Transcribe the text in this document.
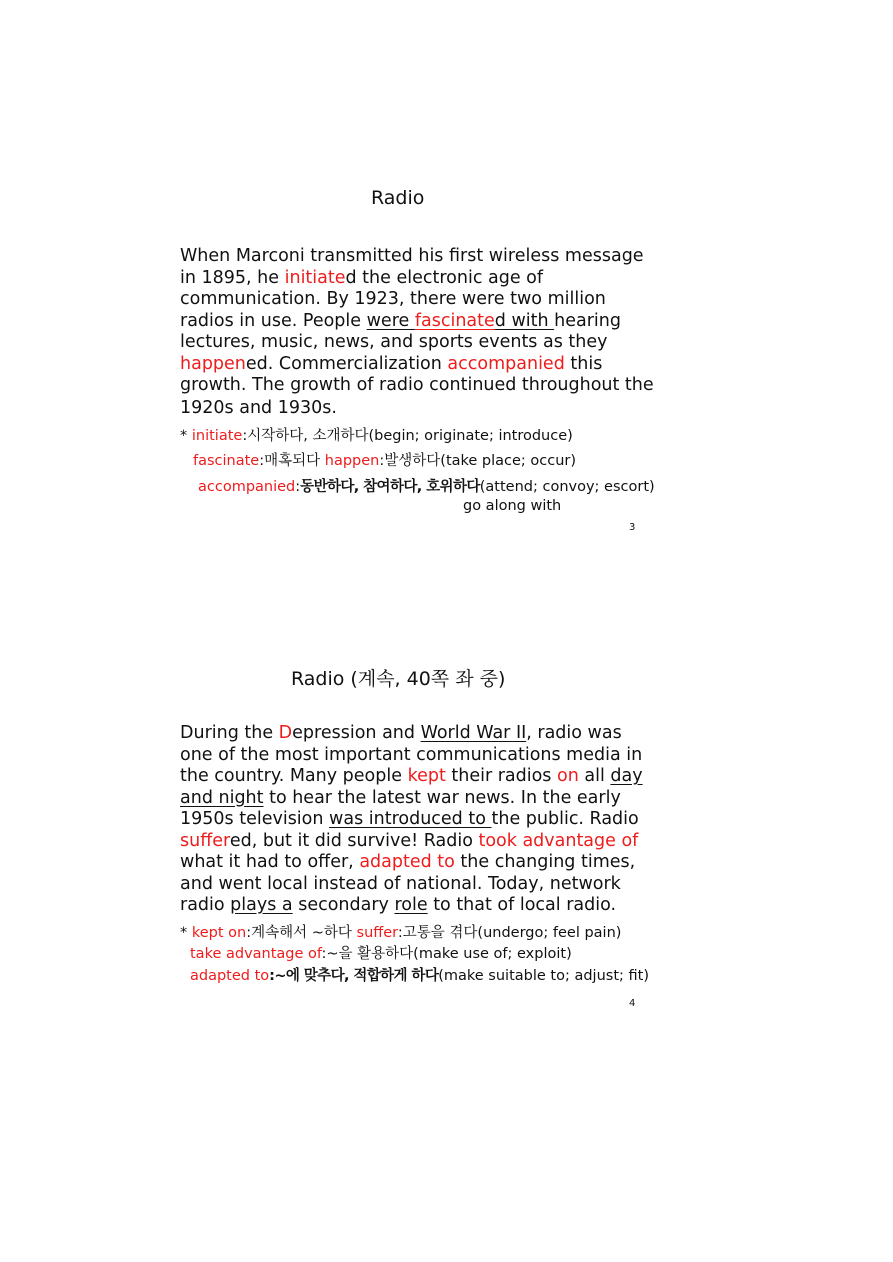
Radio
When Marconi transmitted his first wireless message
in 1895, he initiated the electronic age of
communication. By 1923, there were two million
radios in use. People were fascinated with hearing
lectures, music, news, and sports events as they
happened. Commercialization accompanied this
growth. The growth of radio continued throughout the
1920s and 1930s.
* initiate:시작하다, 소개하다(begin; originate; introduce)
fascinate:매혹되다 happen:발생하다(take place; occur)
accompanied:동반하다, 참여하다, 호위하다(attend; convoy; escort)
go along with
3
Radio (계속, 40쪽 좌 중)
During the Depression and World War II, radio was
one of the most important communications media in
the country. Many people kept their radios on all day
and night to hear the latest war news. In the early
1950s television was introduced to the public. Radio
suffered, but it did survive! Radio took advantage of
what it had to offer, adapted to the changing times,
and went local instead of national. Today, network
radio plays a secondary role to that of local radio.
* kept on:계속해서 ~하다 suffer:고통을 겪다(undergo; feel pain)
take advantage of:~을 활용하다(make use of; exploit)
adapted to:~에 맞추다, 적합하게 하다(make suitable to; adjust; fit)
4
